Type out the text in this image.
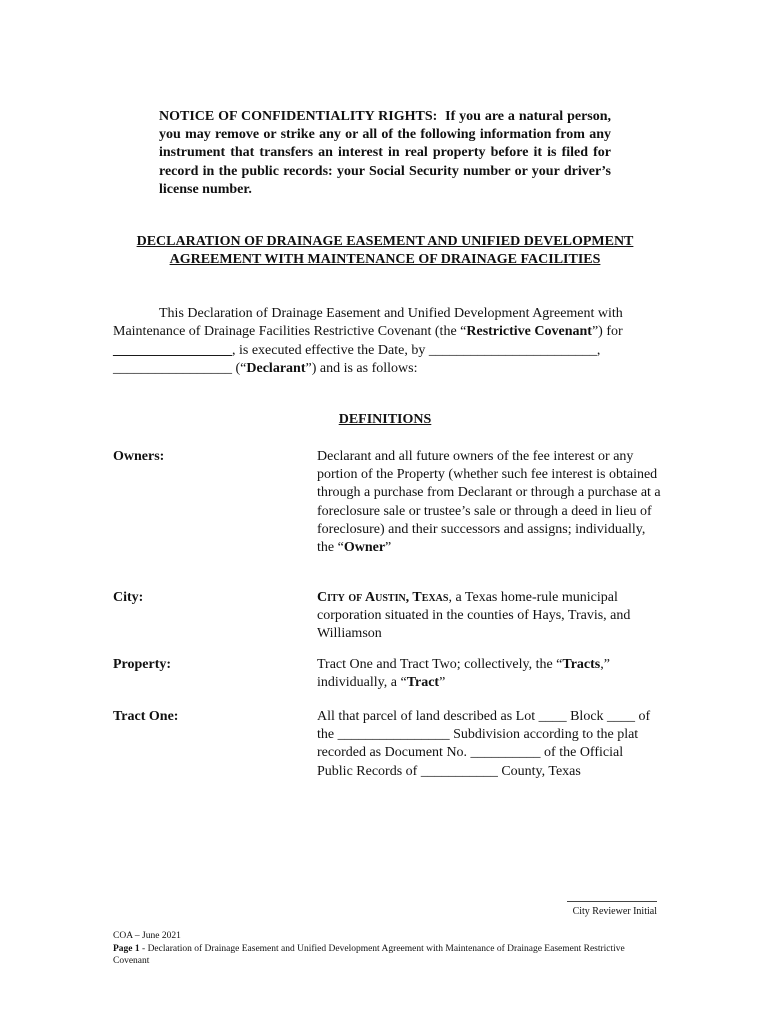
NOTICE OF CONFIDENTIALITY RIGHTS: If you are a natural person, you may remove or strike any or all of the following information from any instrument that transfers an interest in real property before it is filed for record in the public records: your Social Security number or your driver’s license number.
DECLARATION OF DRAINAGE EASEMENT AND UNIFIED DEVELOPMENT
AGREEMENT WITH MAINTENANCE OF DRAINAGE FACILITIES

This Declaration of Drainage Easement and Unified Development Agreement with Maintenance of Drainage Facilities Restrictive Covenant (the “Restrictive Covenant”) for _________________, is executed effective the Date, by ________________________, _________________ (“Declarant”) and is as follows:

DEFINITIONS
Owners:	Declarant and all future owners of the fee interest or any portion of the Property (whether such fee interest is obtained through a purchase from Declarant or through a purchase at a foreclosure sale or trustee’s sale or through a deed in lieu of foreclosure) and their successors and assigns; individually, the “Owner”
City:	City of Austin, Texas, a Texas home-rule municipal corporation situated in the counties of Hays, Travis, and Williamson
Property:	Tract One and Tract Two; collectively, the “Tracts,” individually, a “Tract”
Tract One:	All that parcel of land described as Lot ____ Block ____ of the ________________ Subdivision according to the plat recorded as Document No. __________ of the Official Public Records of ___________ County, Texas
City Reviewer Initial
COA – June 2021
Page 1 - Declaration of Drainage Easement and Unified Development Agreement with Maintenance of Drainage Easement Restrictive Covenant
